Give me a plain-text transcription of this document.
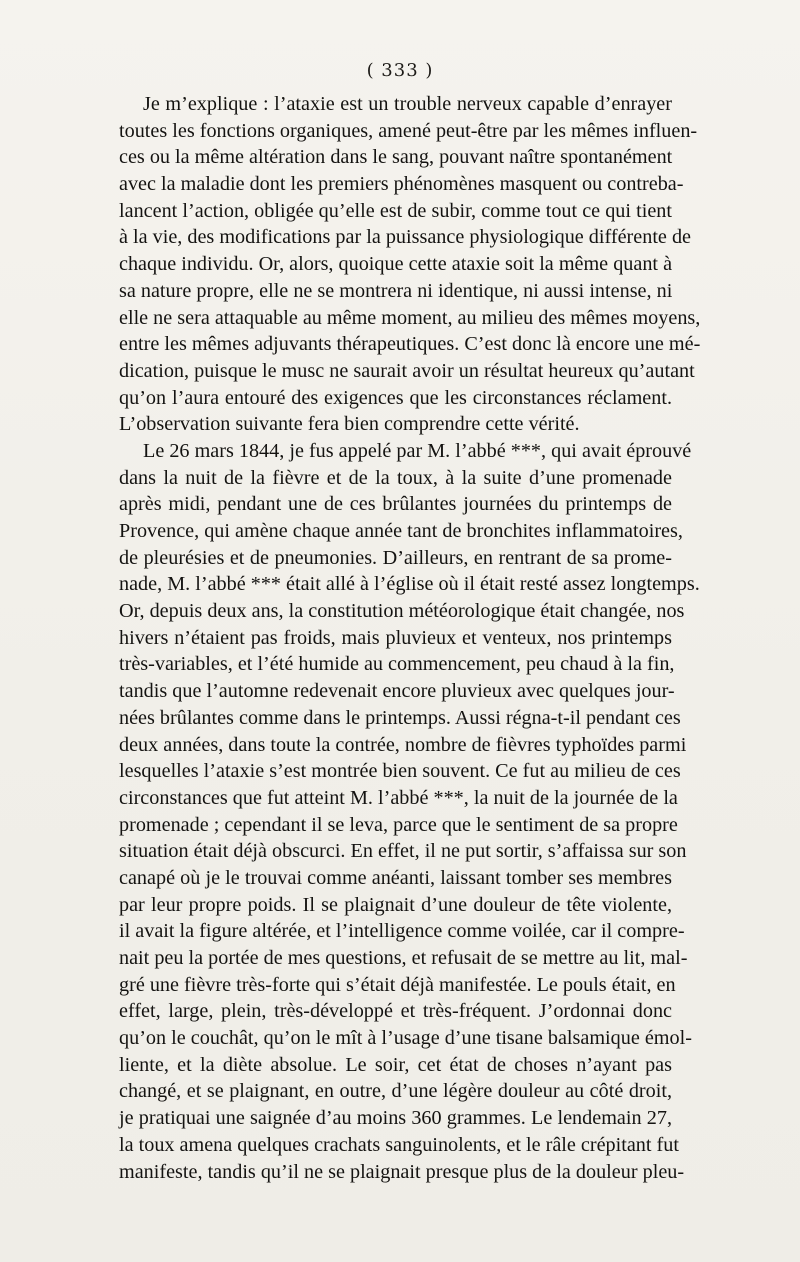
( 333 )
Je m’explique : l’ataxie est un trouble nerveux capable d’enrayer
toutes les fonctions organiques, amené peut-être par les mêmes influen-
ces ou la même altération dans le sang, pouvant naître spontanément
avec la maladie dont les premiers phénomènes masquent ou contreba-
lancent l’action, obligée qu’elle est de subir, comme tout ce qui tient
à la vie, des modifications par la puissance physiologique différente de
chaque individu. Or, alors, quoique cette ataxie soit la même quant à
sa nature propre, elle ne se montrera ni identique, ni aussi intense, ni
elle ne sera attaquable au même moment, au milieu des mêmes moyens,
entre les mêmes adjuvants thérapeutiques. C’est donc là encore une mé-
dication, puisque le musc ne saurait avoir un résultat heureux qu’autant
qu’on l’aura entouré des exigences que les circonstances réclament.
L’observation suivante fera bien comprendre cette vérité.
Le 26 mars 1844, je fus appelé par M. l’abbé ***, qui avait éprouvé
dans la nuit de la fièvre et de la toux, à la suite d’une promenade
après midi, pendant une de ces brûlantes journées du printemps de
Provence, qui amène chaque année tant de bronchites inflammatoires,
de pleurésies et de pneumonies. D’ailleurs, en rentrant de sa prome-
nade, M. l’abbé *** était allé à l’église où il était resté assez longtemps.
Or, depuis deux ans, la constitution météorologique était changée, nos
hivers n’étaient pas froids, mais pluvieux et venteux, nos printemps
très-variables, et l’été humide au commencement, peu chaud à la fin,
tandis que l’automne redevenait encore pluvieux avec quelques jour-
nées brûlantes comme dans le printemps. Aussi régna-t-il pendant ces
deux années, dans toute la contrée, nombre de fièvres typhoïdes parmi
lesquelles l’ataxie s’est montrée bien souvent. Ce fut au milieu de ces
circonstances que fut atteint M. l’abbé ***, la nuit de la journée de la
promenade ; cependant il se leva, parce que le sentiment de sa propre
situation était déjà obscurci. En effet, il ne put sortir, s’affaissa sur son
canapé où je le trouvai comme anéanti, laissant tomber ses membres
par leur propre poids. Il se plaignait d’une douleur de tête violente,
il avait la figure altérée, et l’intelligence comme voilée, car il compre-
nait peu la portée de mes questions, et refusait de se mettre au lit, mal-
gré une fièvre très-forte qui s’était déjà manifestée. Le pouls était, en
effet, large, plein, très-développé et très-fréquent. J’ordonnai donc
qu’on le couchât, qu’on le mît à l’usage d’une tisane balsamique émol-
liente, et la diète absolue. Le soir, cet état de choses n’ayant pas
changé, et se plaignant, en outre, d’une légère douleur au côté droit,
je pratiquai une saignée d’au moins 360 grammes. Le lendemain 27,
la toux amena quelques crachats sanguinolents, et le râle crépitant fut
manifeste, tandis qu’il ne se plaignait presque plus de la douleur pleu-
